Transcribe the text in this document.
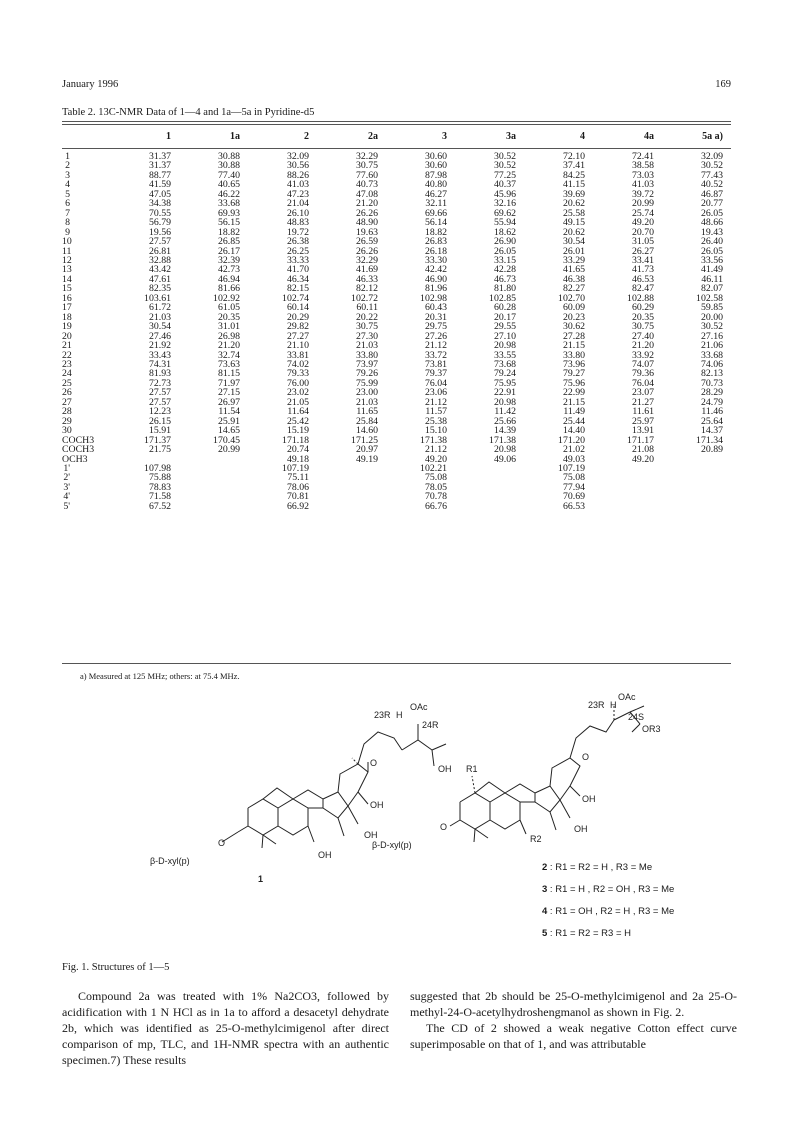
January 1996	169
Table 2. 13C-NMR Data of 1—4 and 1a—5a in Pyridine-d5
	1	1a	2	2a	3	3a	4	4a	5a a)
1	31.37	30.88	32.09	32.29	30.60	30.52	72.10	72.41	32.09
2	31.37	30.88	30.56	30.75	30.60	30.52	37.41	38.58	30.52
3	88.77	77.40	88.26	77.60	87.98	77.25	84.25	73.03	77.43
4	41.59	40.65	41.03	40.73	40.80	40.37	41.15	41.03	40.52
5	47.05	46.22	47.23	47.08	46.27	45.96	39.69	39.72	46.87
6	34.38	33.68	21.04	21.20	32.11	32.16	20.62	20.99	20.77
7	70.55	69.93	26.10	26.26	69.66	69.62	25.58	25.74	26.05
8	56.79	56.15	48.83	48.90	56.14	55.94	49.15	49.20	48.66
9	19.56	18.82	19.72	19.63	18.82	18.62	20.62	20.70	19.43
10	27.57	26.85	26.38	26.59	26.83	26.90	30.54	31.05	26.40
11	26.81	26.17	26.25	26.26	26.18	26.05	26.01	26.27	26.05
12	32.88	32.39	33.33	32.29	33.30	33.15	33.29	33.41	33.56
13	43.42	42.73	41.70	41.69	42.42	42.28	41.65	41.73	41.49
14	47.61	46.94	46.34	46.33	46.90	46.73	46.38	46.53	46.11
15	82.35	81.66	82.15	82.12	81.96	81.80	82.27	82.47	82.07
16	103.61	102.92	102.74	102.72	102.98	102.85	102.70	102.88	102.58
17	61.72	61.05	60.14	60.11	60.43	60.28	60.09	60.29	59.85
18	21.03	20.35	20.29	20.22	20.31	20.17	20.23	20.35	20.00
19	30.54	31.01	29.82	30.75	29.75	29.55	30.62	30.75	30.52
20	27.46	26.98	27.27	27.30	27.26	27.10	27.28	27.40	27.16
21	21.92	21.20	21.10	21.03	21.12	20.98	21.15	21.20	21.06
22	33.43	32.74	33.81	33.80	33.72	33.55	33.80	33.92	33.68
23	74.31	73.63	74.02	73.97	73.81	73.68	73.96	74.07	74.06
24	81.93	81.15	79.33	79.26	79.37	79.24	79.27	79.36	82.13
25	72.73	71.97	76.00	75.99	76.04	75.95	75.96	76.04	70.73
26	27.57	27.15	23.02	23.00	23.06	22.91	22.99	23.07	28.29
27	27.57	26.97	21.05	21.03	21.12	20.98	21.15	21.27	24.79
28	12.23	11.54	11.64	11.65	11.57	11.42	11.49	11.61	11.46
29	26.15	25.91	25.42	25.84	25.38	25.66	25.44	25.97	25.64
30	15.91	14.65	15.19	14.60	15.10	14.39	14.40	13.91	14.37
COCH3	171.37	170.45	171.18	171.25	171.38	171.38	171.20	171.17	171.34
COCH3	21.75	20.99	20.74	20.97	21.12	20.98	21.02	21.08	20.89
OCH3			49.18	49.19	49.20	49.06	49.03	49.20	
1'	107.98		107.19		102.21		107.19		
2'	75.88		75.11		75.08		75.08		
3'	78.83		78.06		78.05		77.94		
4'	71.58		70.81		70.78		70.69		
5'	67.52		66.92		66.76		66.53		
a) Measured at 125 MHz; others: at 75.4 MHz.
23R H
OAc
24R
OH
O
OH
OH
OH
O
β-D-xyl(p)
1
23R H
OAc
24S
OR3
O
OH
OH
R1
R2
O
β-D-xyl(p)
2 : R1 = R2 = H , R3 = Me
3 : R1 = H , R2 = OH , R3 = Me
4 : R1 = OH , R2 = H , R3 = Me
5 : R1 = R2 = R3 = H
Fig. 1. Structures of 1—5

Compound 2a was treated with 1% Na2CO3, followed by acidification with 1 N HCl as in 1a to afford a desacetyl dehydrate 2b, which was identified as 25-O-methylcimigenol after direct comparison of mp, TLC, and 1H-NMR spectra with an authentic specimen.7) These results

suggested that 2b should be 25-O-methylcimigenol and 2a 25-O-methyl-24-O-acetylhydroshengmanol as shown in Fig. 2.

The CD of 2 showed a weak negative Cotton effect curve superimposable on that of 1, and was attributable
